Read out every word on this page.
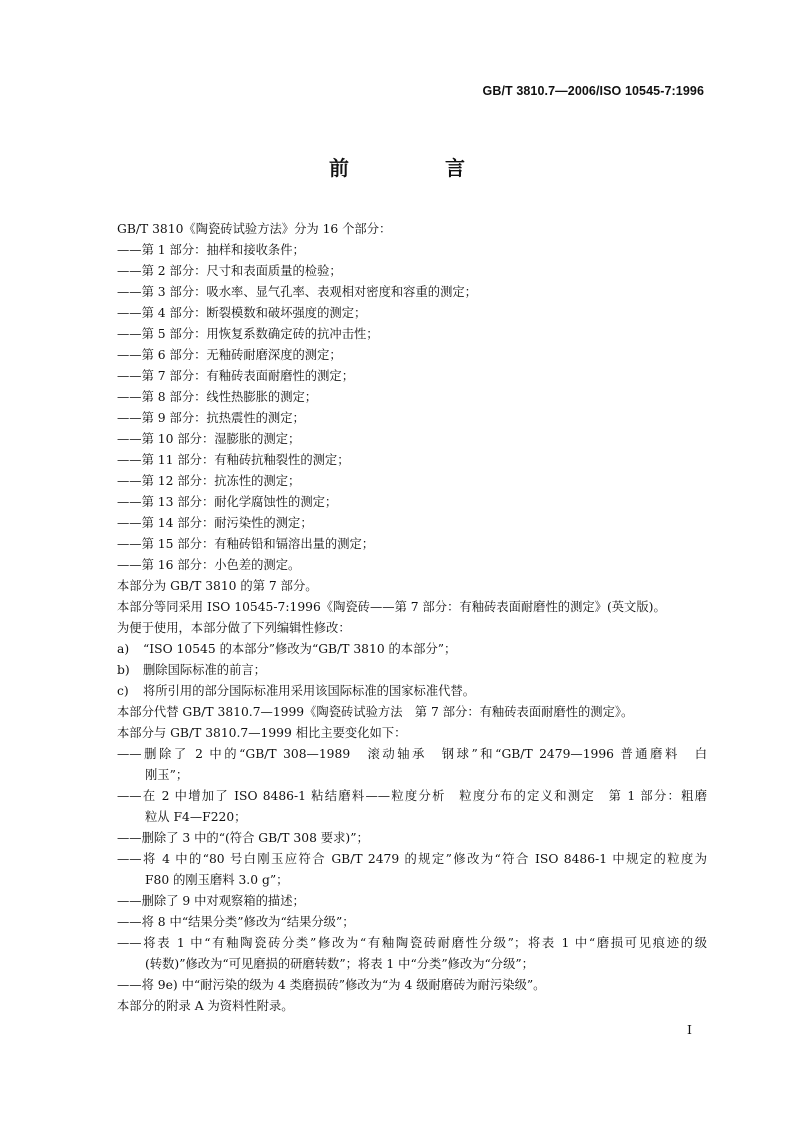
GB/T 3810.7—2006/ISO 10545-7:1996
前　言
GB/T 3810《陶瓷砖试验方法》分为 16 个部分：
——第 1 部分：抽样和接收条件；
——第 2 部分：尺寸和表面质量的检验；
——第 3 部分：吸水率、显气孔率、表观相对密度和容重的测定；
——第 4 部分：断裂模数和破坏强度的测定；
——第 5 部分：用恢复系数确定砖的抗冲击性；
——第 6 部分：无釉砖耐磨深度的测定；
——第 7 部分：有釉砖表面耐磨性的测定；
——第 8 部分：线性热膨胀的测定；
——第 9 部分：抗热震性的测定；
——第 10 部分：湿膨胀的测定；
——第 11 部分：有釉砖抗釉裂性的测定；
——第 12 部分：抗冻性的测定；
——第 13 部分：耐化学腐蚀性的测定；
——第 14 部分：耐污染性的测定；
——第 15 部分：有釉砖铅和镉溶出量的测定；
——第 16 部分：小色差的测定。
本部分为 GB/T 3810 的第 7 部分。
本部分等同采用 ISO 10545-7:1996《陶瓷砖——第 7 部分：有釉砖表面耐磨性的测定》(英文版)。
为便于使用，本部分做了下列编辑性修改：
a)	“ISO 10545 的本部分”修改为“GB/T 3810 的本部分”；
b)	删除国际标准的前言；
c)	将所引用的部分国际标准用采用该国际标准的国家标准代替。
本部分代替 GB/T 3810.7—1999《陶瓷砖试验方法　第 7 部分：有釉砖表面耐磨性的测定》。
本部分与 GB/T 3810.7—1999 相比主要变化如下：
——删除了 2 中的“GB/T 308—1989　滚动轴承　钢球”和“GB/T 2479—1996 普通磨料　白
刚玉”；
——在 2 中增加了 ISO 8486-1 粘结磨料——粒度分析　粒度分布的定义和测定　第 1 部分：粗磨
粒从 F4—F220；
——删除了 3 中的“(符合 GB/T 308 要求)”；
——将 4 中的“80 号白刚玉应符合 GB/T 2479 的规定”修改为“符合 ISO 8486-1 中规定的粒度为
F80 的刚玉磨料 3.0 g”；
——删除了 9 中对观察箱的描述；
——将 8 中“结果分类”修改为“结果分级”；
——将表 1 中“有釉陶瓷砖分类”修改为“有釉陶瓷砖耐磨性分级”；将表 1 中“磨损可见痕迹的级
(转数)”修改为“可见磨损的研磨转数”；将表 1 中“分类”修改为“分级”；
——将 9e) 中“耐污染的级为 4 类磨损砖”修改为“为 4 级耐磨砖为耐污染级”。
本部分的附录 A 为资料性附录。
I
